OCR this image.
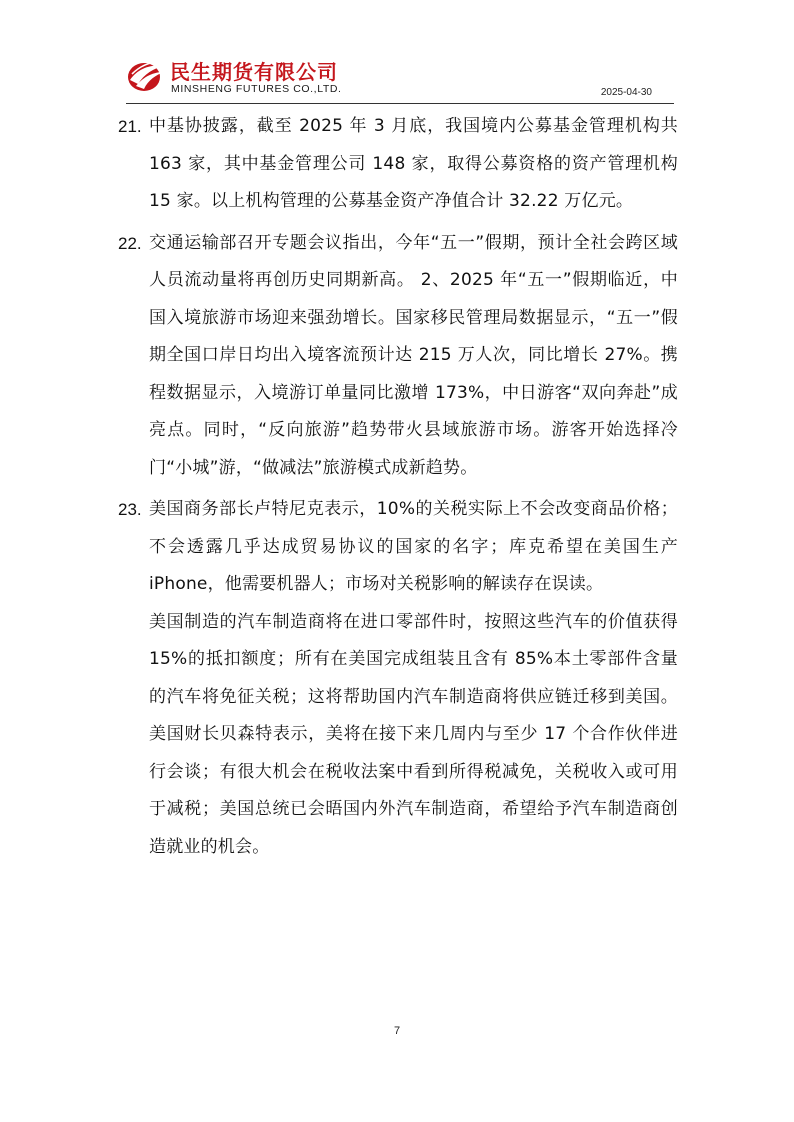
民生期货有限公司
MINSHENG FUTURES CO.,LTD.	2025-04-30
21. 中基协披露，截至 2025 年 3 月底，我国境内公募基金管理机构共 163 家，其中基金管理公司 148 家，取得公募资格的资产管理机构 15 家。以上机构管理的公募基金资产净值合计 32.22 万亿元。
22. 交通运输部召开专题会议指出，今年“五一”假期，预计全社会跨区域人员流动量将再创历史同期新高。 2、2025 年“五一”假期临近，中国入境旅游市场迎来强劲增长。国家移民管理局数据显示，“五一”假期全国口岸日均出入境客流预计达 215 万人次，同比增长 27%。携程数据显示，入境游订单量同比激增 173%，中日游客“双向奔赴”成亮点。同时，“反向旅游”趋势带火县域旅游市场。游客开始选择冷门“小城”游，“做减法”旅游模式成新趋势。
23. 美国商务部长卢特尼克表示，10%的关税实际上不会改变商品价格；不会透露几乎达成贸易协议的国家的名字；库克希望在美国生产 iPhone，他需要机器人；市场对关税影响的解读存在误读。
美国制造的汽车制造商将在进口零部件时，按照这些汽车的价值获得 15%的抵扣额度；所有在美国完成组装且含有 85%本土零部件含量的汽车将免征关税；这将帮助国内汽车制造商将供应链迁移到美国。美国财长贝森特表示，美将在接下来几周内与至少 17 个合作伙伴进行会谈；有很大机会在税收法案中看到所得税减免，关税收入或可用于减税；美国总统已会晤国内外汽车制造商，希望给予汽车制造商创造就业的机会。
7
